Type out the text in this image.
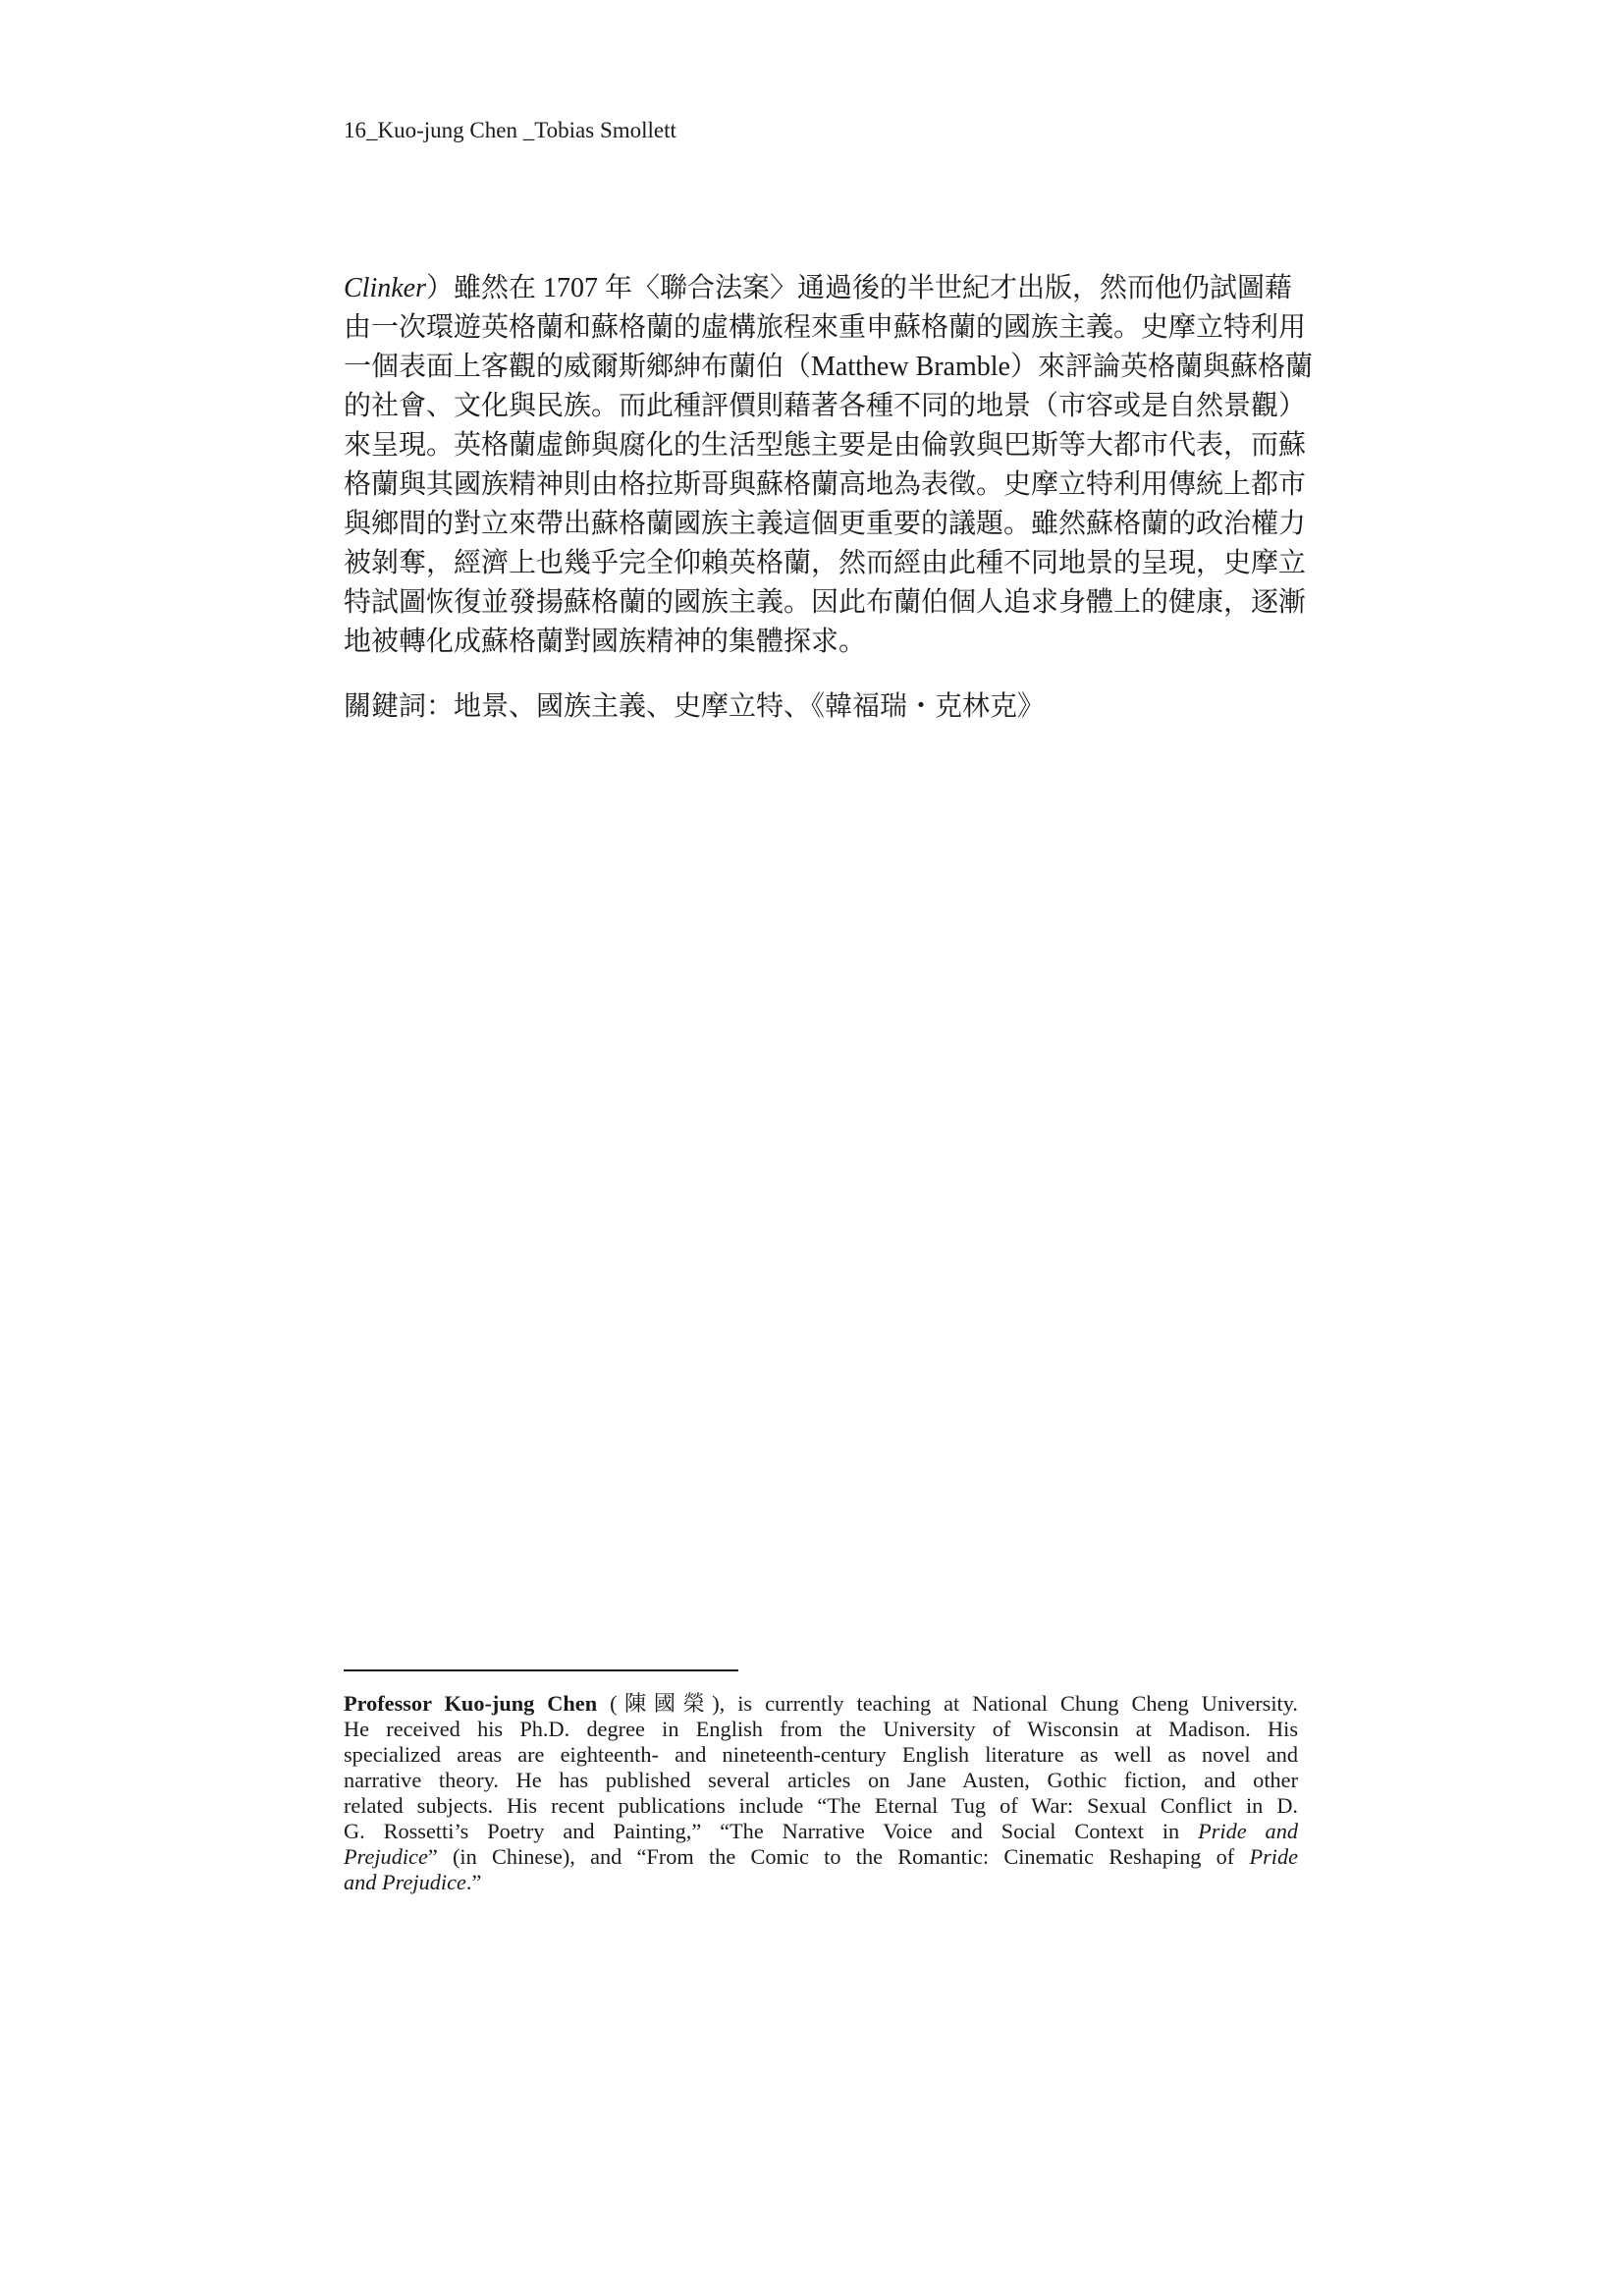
16_Kuo-jung Chen _Tobias Smollett
Clinker）雖然在 1707 年〈聯合法案〉通過後的半世紀才出版，然而他仍試圖藉
由一次環遊英格蘭和蘇格蘭的虛構旅程來重申蘇格蘭的國族主義。史摩立特利用
一個表面上客觀的威爾斯鄉紳布蘭伯（Matthew Bramble）來評論英格蘭與蘇格蘭
的社會、文化與民族。而此種評價則藉著各種不同的地景（市容或是自然景觀）
來呈現。英格蘭虛飾與腐化的生活型態主要是由倫敦與巴斯等大都市代表，而蘇
格蘭與其國族精神則由格拉斯哥與蘇格蘭高地為表徵。史摩立特利用傳統上都市
與鄉間的對立來帶出蘇格蘭國族主義這個更重要的議題。雖然蘇格蘭的政治權力
被剝奪，經濟上也幾乎完全仰賴英格蘭，然而經由此種不同地景的呈現，史摩立
特試圖恢復並發揚蘇格蘭的國族主義。因此布蘭伯個人追求身體上的健康，逐漸
地被轉化成蘇格蘭對國族精神的集體探求。
關鍵詞：地景、國族主義、史摩立特、《韓福瑞・克林克》
Professor Kuo-jung Chen (陳國榮), is currently teaching at National Chung Cheng University.
He received his Ph.D. degree in English from the University of Wisconsin at Madison. His
specialized areas are eighteenth- and nineteenth-century English literature as well as novel and
narrative theory. He has published several articles on Jane Austen, Gothic fiction, and other
related subjects. His recent publications include “The Eternal Tug of War: Sexual Conflict in D.
G. Rossetti’s Poetry and Painting,” “The Narrative Voice and Social Context in Pride and
Prejudice” (in Chinese), and “From the Comic to the Romantic: Cinematic Reshaping of Pride
and Prejudice.”
